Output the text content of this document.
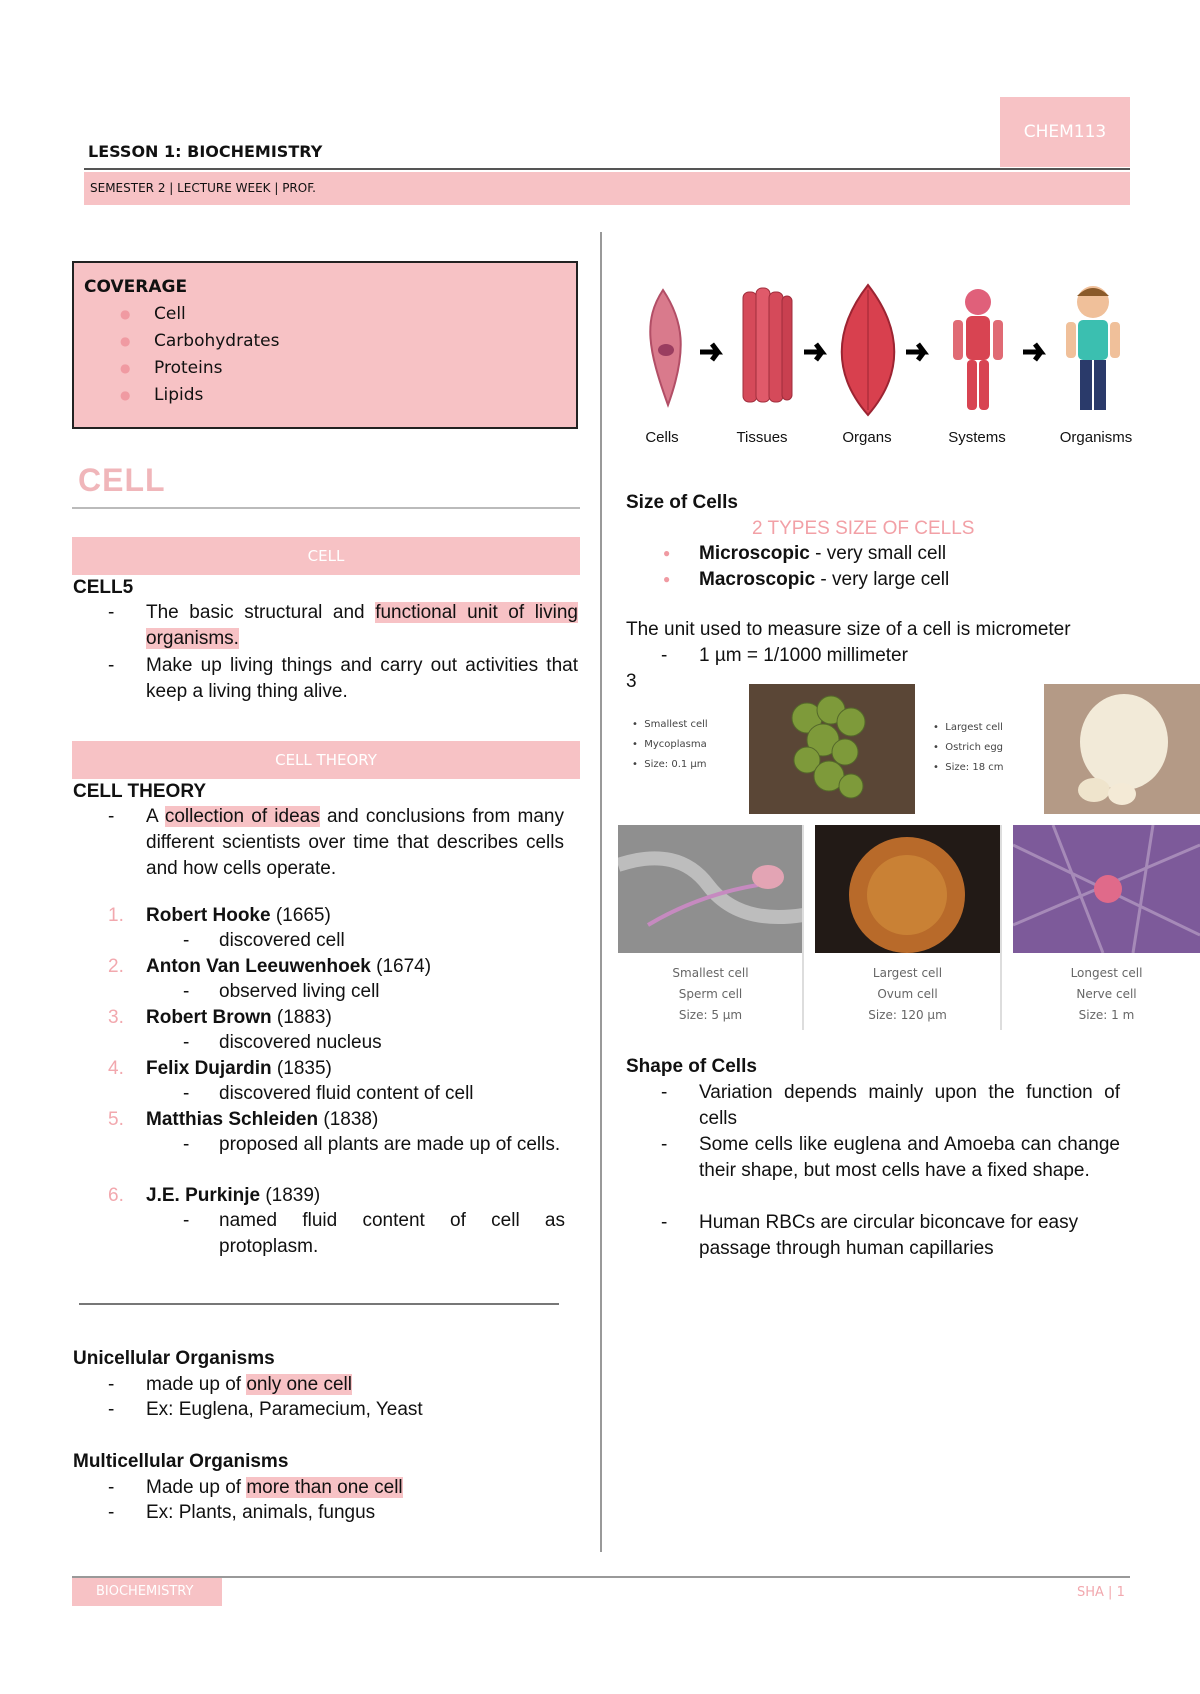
CHEM113
LESSON 1: BIOCHEMISTRY
SEMESTER 2 | LECTURE WEEK | PROF.
COVERAGE
● Cell
● Carbohydrates
● Proteins
● Lipids
CELL
CELL
CELL5
- The basic structural and functional unit of living organisms.
- Make up living things and carry out activities that keep a living thing alive.
CELL THEORY
CELL THEORY
- A collection of ideas and conclusions from many different scientists over time that describes cells and how cells operate.
1. Robert Hooke (1665)
- discovered cell
2. Anton Van Leeuwenhoek (1674)
- observed living cell
3. Robert Brown (1883)
- discovered nucleus
4. Felix Dujardin (1835)
- discovered fluid content of cell
5. Matthias Schleiden (1838)
- proposed all plants are made up of cells.
6. J.E. Purkinje (1839)
- named fluid content of cell as protoplasm.
Unicellular Organisms
- made up of only one cell
- Ex: Euglena, Paramecium, Yeast
Multicellular Organisms
- Made up of more than one cell
- Ex: Plants, animals, fungus
Cells	Tissues	Organs	Systems	Organisms
Size of Cells
2 TYPES SIZE OF CELLS
● Microscopic - very small cell
● Macroscopic - very large cell
The unit used to measure size of a cell is micrometer
- 1 µm = 1/1000 millimeter
3
•  Smallest cell
•  Mycoplasma
•  Size: 0.1 µm
•  Largest cell
•  Ostrich egg
•  Size: 18 cm
Smallest cell
Sperm cell
Size: 5 µm
Largest cell
Ovum cell
Size: 120 µm
Longest cell
Nerve cell
Size: 1 m
Shape of Cells
- Variation depends mainly upon the function of cells
- Some cells like euglena and Amoeba can change their shape, but most cells have a fixed shape.
- Human RBCs are circular biconcave for easy passage through human capillaries
BIOCHEMISTRY	SHA | 1
